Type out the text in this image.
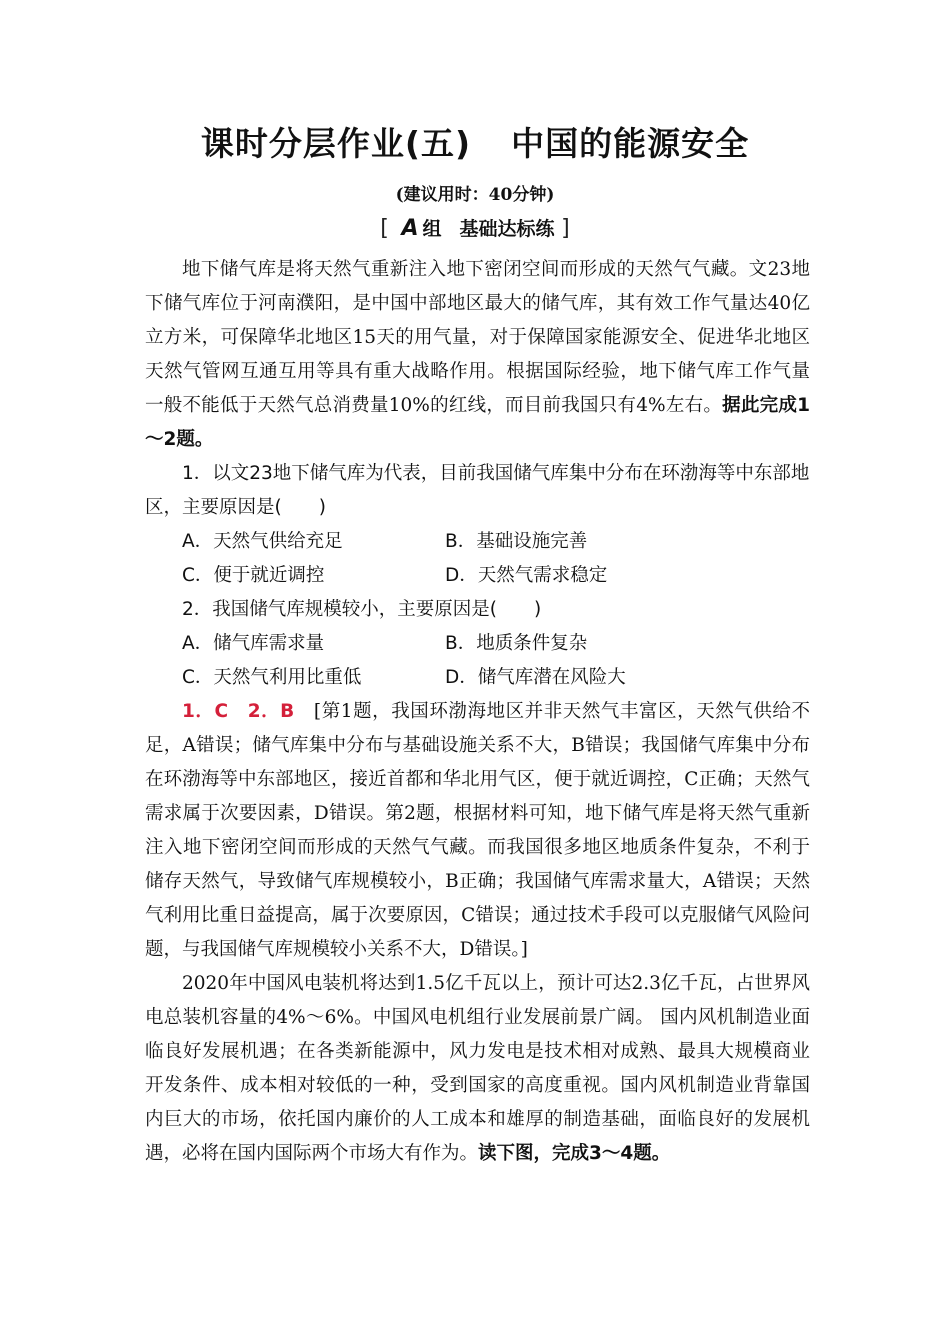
课时分层作业(五) 中国的能源安全
(建议用时：40分钟)
[ A 组 基础达标练 ]

地下储气库是将天然气重新注入地下密闭空间而形成的天然气气藏。文23地下储气库位于河南濮阳，是中国中部地区最大的储气库，其有效工作气量达40亿立方米，可保障华北地区15天的用气量，对于保障国家能源安全、促进华北地区天然气管网互通互用等具有重大战略作用。根据国际经验，地下储气库工作气量一般不能低于天然气总消费量10%的红线，而目前我国只有4%左右。据此完成1～2题。

1．以文23地下储气库为代表，目前我国储气库集中分布在环渤海等中东部地区，主要原因是(　　)

A．天然气供给充足	B．基础设施完善
C．便于就近调控	D．天然气需求稳定

2．我国储气库规模较小，主要原因是(　　)

A．储气库需求量	B．地质条件复杂
C．天然气利用比重低	D．储气库潜在风险大

1．C　2．B　 [第1题，我国环渤海地区并非天然气丰富区，天然气供给不足，A错误；储气库集中分布与基础设施关系不大，B错误；我国储气库集中分布在环渤海等中东部地区，接近首都和华北用气区，便于就近调控，C正确；天然气需求属于次要因素，D错误。第2题，根据材料可知，地下储气库是将天然气重新注入地下密闭空间而形成的天然气气藏。而我国很多地区地质条件复杂，不利于储存天然气，导致储气库规模较小，B正确；我国储气库需求量大，A错误；天然气利用比重日益提高，属于次要原因，C错误；通过技术手段可以克服储气风险问题，与我国储气库规模较小关系不大，D错误。]

2020年中国风电装机将达到1.5亿千瓦以上，预计可达2.3亿千瓦，占世界风电总装机容量的4%～6%。中国风电机组行业发展前景广阔。 国内风机制造业面临良好发展机遇；在各类新能源中，风力发电是技术相对成熟、最具大规模商业开发条件、成本相对较低的一种，受到国家的高度重视。国内风机制造业背靠国内巨大的市场，依托国内廉价的人工成本和雄厚的制造基础，面临良好的发展机遇，必将在国内国际两个市场大有作为。读下图，完成3～4题。
